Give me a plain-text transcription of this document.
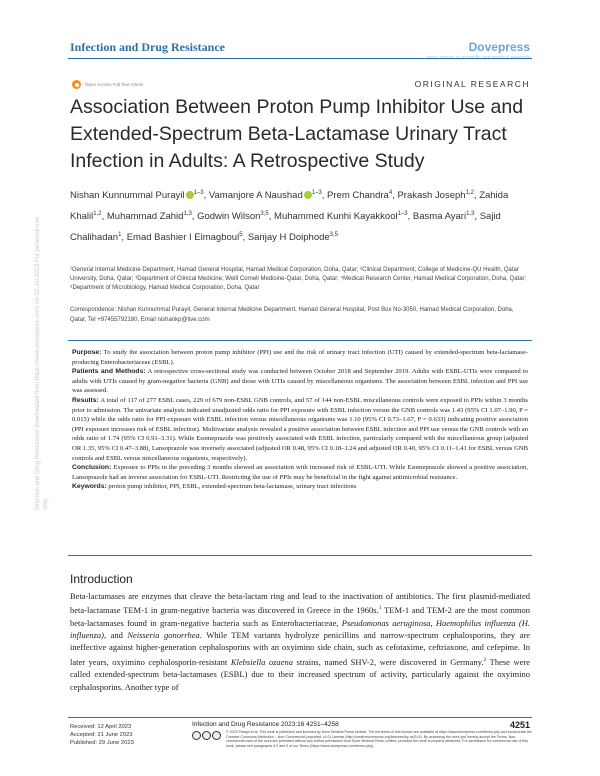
Infection and Drug Resistance	Dovepress
open access to scientific and medical research
Open Access Full Text Article	ORIGINAL RESEARCH
Association Between Proton Pump Inhibitor Use and Extended-Spectrum Beta-Lactamase Urinary Tract Infection in Adults: A Retrospective Study
Nishan Kunnummal Purayil $^{1-3}$, Vamanjore A Naushad $^{1-3}$, Prem Chandra$^4$, Prakash Joseph$^{1,2}$, Zahida Khalil$^{1,2}$, Muhammad Zahid$^{1,3}$, Godwin Wilson$^{3,5}$, Muhammed Kunhi Kayakkool$^{1-3}$, Basma Ayari$^{1,3}$, Sajid Chalihadan$^1$, Emad Bashier I Elmagboul$^5$, Sanjay H Doiphode$^{3,5}$
¹General Internal Medicine Department, Hamad General Hospital, Hamad Medical Corporation, Doha, Qatar; ²Clinical Department, College of Medicine-QU Health, Qatar University, Doha, Qatar; ³Department of Clinical Medicine, Weill Cornell Medicine-Qatar, Doha, Qatar; ⁴Medical Research Center, Hamad Medical Corporation, Doha, Qatar; ⁵Department of Microbiology, Hamad Medical Corporation, Doha, Qatar
Correspondence: Nishan Kunnummal Purayil, General Internal Medicine Department, Hamad General Hospital, Post Box No-3050, Hamad Medical Corporation, Doha, Qatar, Tel +97455792180, Email nishankp@live.com

Purpose: To study the association between proton pump inhibitor (PPI) use and the risk of urinary tract infection (UTI) caused by extended-spectrum beta-lactamase-producing Enterobacteriaceae (ESBL).

Patients and Methods: A retrospective cross-sectional study was conducted between October 2018 and September 2019. Adults with ESBL-UTIs were compared to adults with UTIs caused by gram-negative bacteria (GNB) and those with UTIs caused by miscellaneous organisms. The association between ESBL infection and PPI use was assessed.

Results: A total of 117 of 277 ESBL cases, 229 of 679 non-ESBL GNB controls, and 57 of 144 non-ESBL miscellaneous controls were exposed to PPIs within 3 months prior to admission. The univariate analysis indicated unadjusted odds ratio for PPI exposure with ESBL infection versus the GNB controls was 1.43 (95% CI 1.07–1.90, P = 0.015) while the odds ratio for PPI exposure with ESBL infection versus miscellaneous organisms was 1.10 (95% CI 0.73–1.67, P = 0.633) indicating positive association (PPI exposure increases risk of ESBL infection). Multivariate analysis revealed a positive association between ESBL infection and PPI use versus the GNB controls with an odds ratio of 1.74 (95% CI 0.91–3.31). While Esomeprazole was positively associated with ESBL infection, particularly compared with the miscellaneous group (adjusted OR 1.35, 95% CI 0.47–3.88), Lansoprazole was inversely associated (adjusted OR 0.48, 95% CI 0.18–1.24 and adjusted OR 0.40, 95% CI 0.11–1.41 for ESBL versus GNB controls and ESBL versus miscellaneous organisms, respectively).

Conclusion: Exposure to PPIs in the preceding 3 months showed an association with increased risk of ESBL-UTI. While Esomeprazole showed a positive association, Lansoprazole had an inverse association for ESBL-UTI. Restricting the use of PPIs may be beneficial in the fight against antimicrobial resistance.

Keywords: proton pump inhibitor, PPI, ESBL, extended-spectrum beta-lactamase, urinary tract infections

Introduction
Beta-lactamases are enzymes that cleave the beta-lactam ring and lead to the inactivation of antibiotics. The first plasmid-mediated beta-lactamase TEM-1 in gram-negative bacteria was discovered in Greece in the 1960s.$^1$ TEM-1 and TEM-2 are the most common beta-lactamases found in gram-negative bacteria such as Enterobacteriaceae, Pseudomonas aeruginosa, Haemophilus influenza (H. influenza), and Neisseria gonorrhea. While TEM variants hydrolyze penicillins and narrow-spectrum cephalosporins, they are ineffective against higher-generation cephalosporins with an oxyimino side chain, such as cefotaxime, ceftriaxone, and cefepime. In later years, oxyimino cephalosporin-resistant Klebsiella ozaena strains, named SHV-2, were discovered in Germany.$^2$ These were called extended-spectrum beta-lactamases (ESBL) due to their increased spectrum of activity, particularly against the oxyimino cephalosporins. Another type of
Received: 12 April 2023
Accepted: 21 June 2023
Published: 29 June 2023
Infection and Drug Resistance 2023:16 4251–4258	4251
© 2023 Purayil et al. This work is published and licensed by Dove Medical Press Limited. The full terms of this license are available at https://www.dovepress.com/terms.php and incorporate the Creative Commons Attribution – Non Commercial (unported, v3.0) License (http://creativecommons.org/licenses/by-nc/3.0/). By accessing the work you hereby accept the Terms. Non-commercial uses of the work are permitted without any further permission from Dove Medical Press Limited, provided the work is properly attributed. For permission for commercial use of this work, please see paragraphs 4.2 and 5 of our Terms (https://www.dovepress.com/terms.php).
Infection and Drug Resistance downloaded from https://www.dovepress.com/ on 02-Jul-2023 For personal use only.
